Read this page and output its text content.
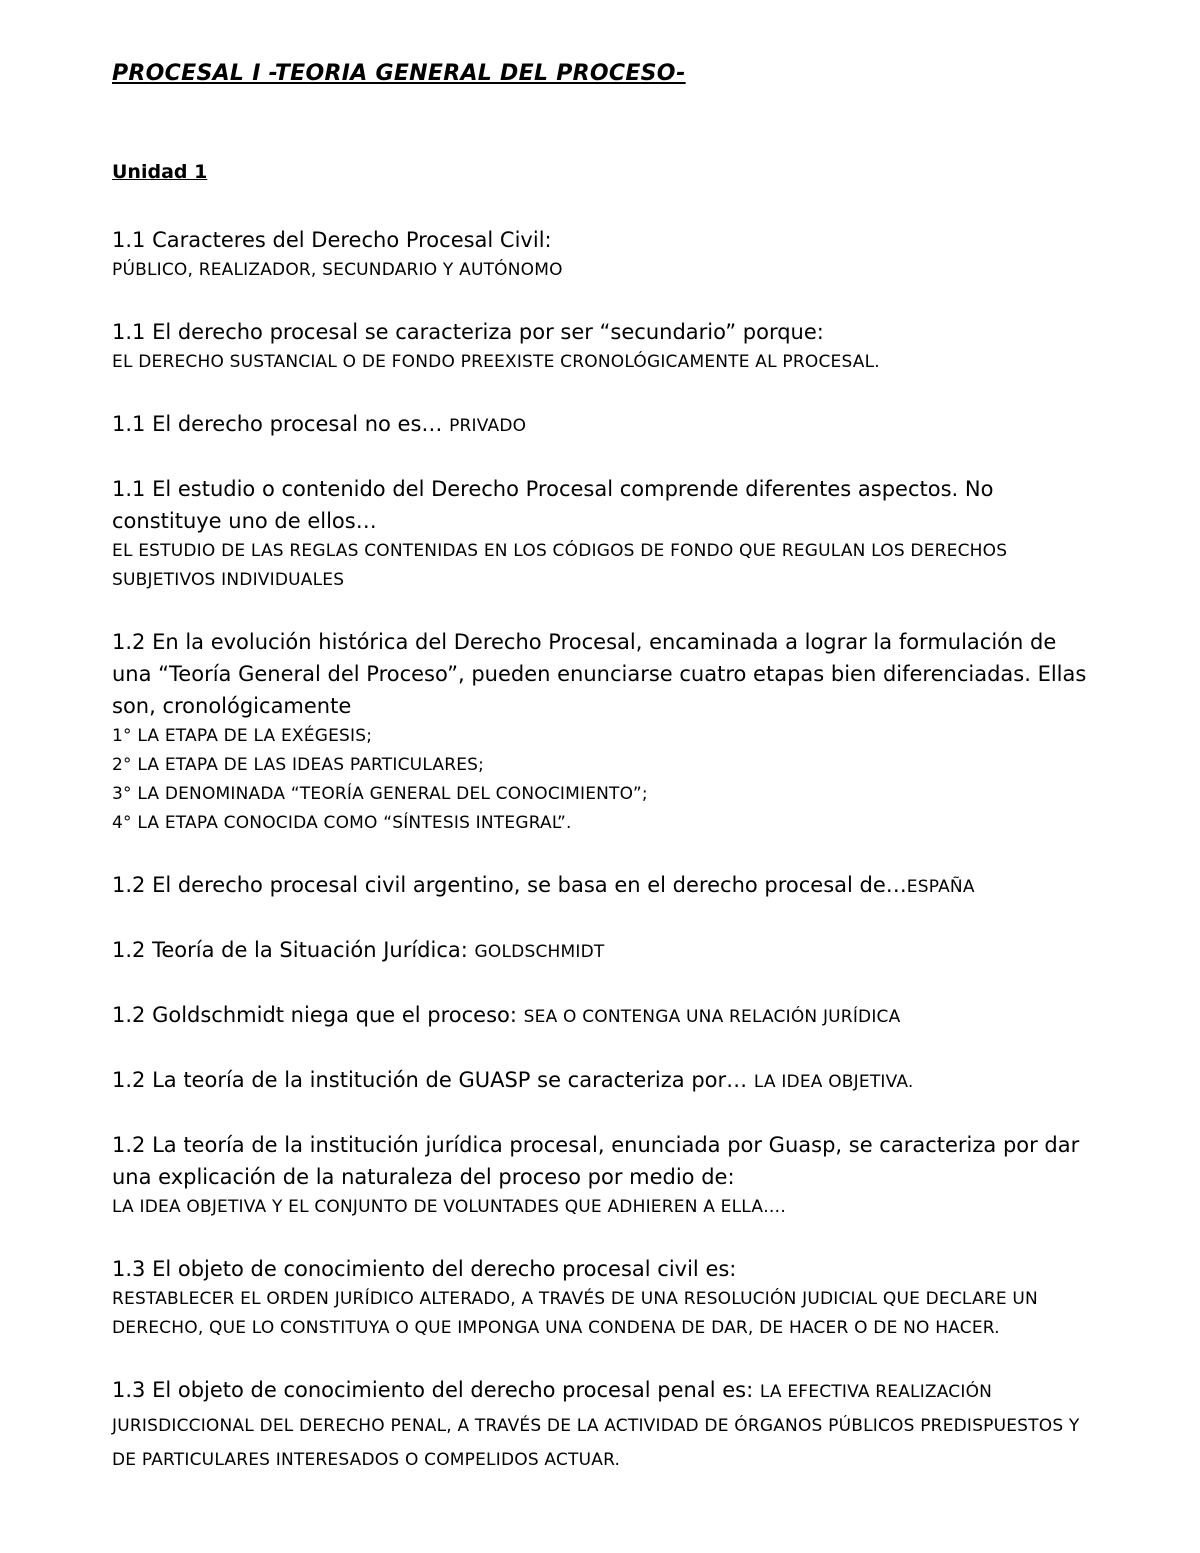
PROCESAL I -TEORIA GENERAL DEL PROCESO-
Unidad 1

1.1 Caracteres del Derecho Procesal Civil:

PÚBLICO, REALIZADOR, SECUNDARIO Y AUTÓNOMO

1.1 El derecho procesal se caracteriza por ser “secundario” porque:

EL DERECHO SUSTANCIAL O DE FONDO PREEXISTE CRONOLÓGICAMENTE AL PROCESAL.

1.1 El derecho procesal no es… PRIVADO

1.1 El estudio o contenido del Derecho Procesal comprende diferentes aspectos. No constituye uno de ellos…

EL ESTUDIO DE LAS REGLAS CONTENIDAS EN LOS CÓDIGOS DE FONDO QUE REGULAN LOS DERECHOS SUBJETIVOS INDIVIDUALES

1.2 En la evolución histórica del Derecho Procesal, encaminada a lograr la formulación de una “Teoría General del Proceso”, pueden enunciarse cuatro etapas bien diferenciadas. Ellas son, cronológicamente

1° LA ETAPA DE LA EXÉGESIS;

2° LA ETAPA DE LAS IDEAS PARTICULARES;

3° LA DENOMINADA “TEORÍA GENERAL DEL CONOCIMIENTO”;

4° LA ETAPA CONOCIDA COMO “SÍNTESIS INTEGRAL”.

1.2 El derecho procesal civil argentino, se basa en el derecho procesal de…ESPAÑA

1.2 Teoría de la Situación Jurídica: GOLDSCHMIDT

1.2 Goldschmidt niega que el proceso: SEA O CONTENGA UNA RELACIÓN JURÍDICA

1.2 La teoría de la institución de GUASP se caracteriza por… LA IDEA OBJETIVA.

1.2 La teoría de la institución jurídica procesal, enunciada por Guasp, se caracteriza por dar una explicación de la naturaleza del proceso por medio de:

LA IDEA OBJETIVA Y EL CONJUNTO DE VOLUNTADES QUE ADHIEREN A ELLA….

1.3 El objeto de conocimiento del derecho procesal civil es:

RESTABLECER EL ORDEN JURÍDICO ALTERADO, A TRAVÉS DE UNA RESOLUCIÓN JUDICIAL QUE DECLARE UN DERECHO, QUE LO CONSTITUYA O QUE IMPONGA UNA CONDENA DE DAR, DE HACER O DE NO HACER.

1.3 El objeto de conocimiento del derecho procesal penal es: LA EFECTIVA REALIZACIÓN JURISDICCIONAL DEL DERECHO PENAL, A TRAVÉS DE LA ACTIVIDAD DE ÓRGANOS PÚBLICOS PREDISPUESTOS Y DE PARTICULARES INTERESADOS O COMPELIDOS ACTUAR.
